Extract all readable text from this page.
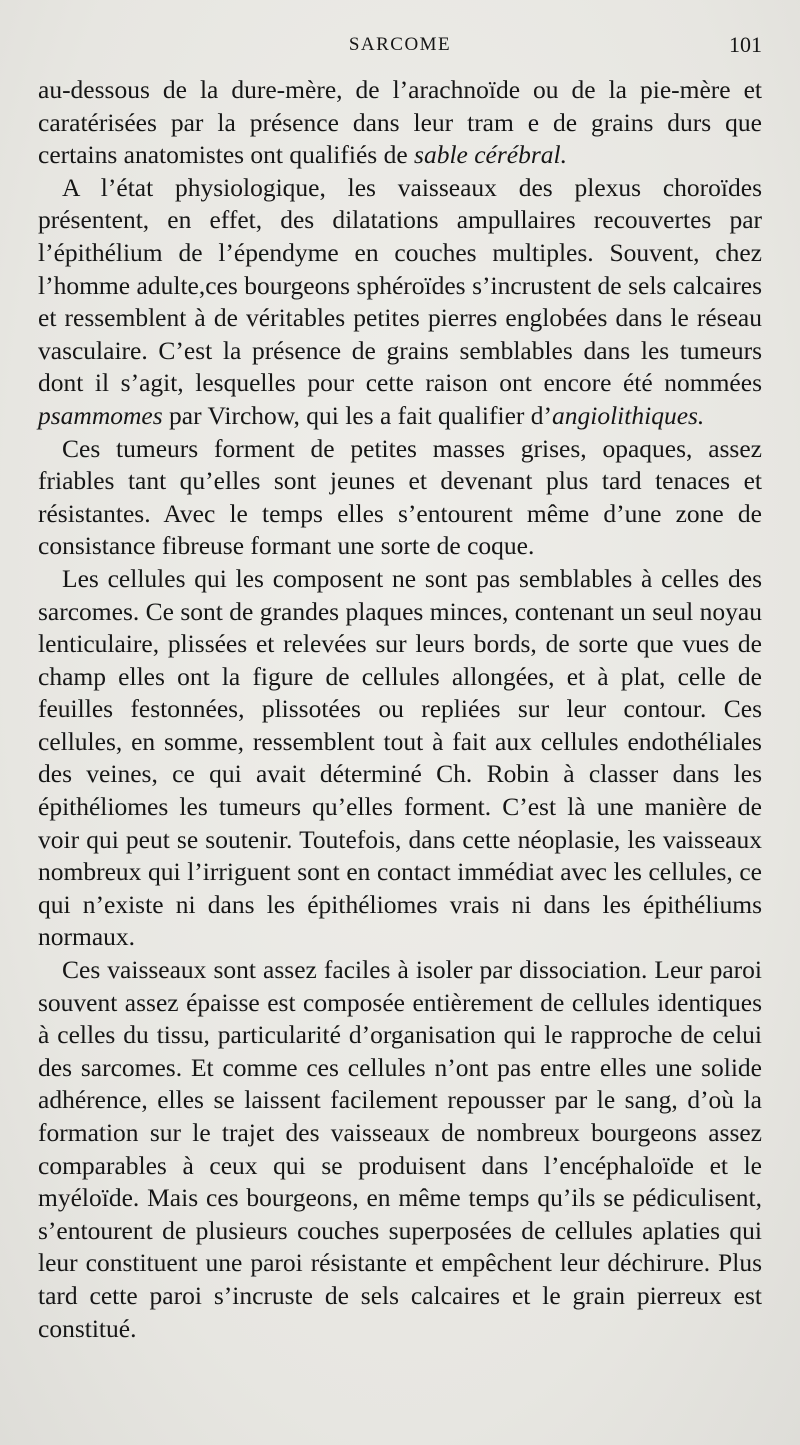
SARCOME	101

au-dessous de la dure-mère, de l’arachnoïde ou de la pie-mère et caratérisées par la présence dans leur tram e de grains durs que certains anatomistes ont qualifiés de sable cérébral.

A l’état physiologique, les vaisseaux des plexus choroïdes présentent, en effet, des dilatations ampullaires recouvertes par l’épithélium de l’épendyme en couches multiples. Souvent, chez l’homme adulte,ces bourgeons sphéroïdes s’incrustent de sels calcaires et ressemblent à de véritables petites pierres englobées dans le réseau vasculaire. C’est la présence de grains semblables dans les tumeurs dont il s’agit, lesquelles pour cette raison ont encore été nommées psammomes par Virchow, qui les a fait qualifier d’angiolithiques.

Ces tumeurs forment de petites masses grises, opaques, assez friables tant qu’elles sont jeunes et devenant plus tard tenaces et résistantes. Avec le temps elles s’entourent même d’une zone de consistance fibreuse formant une sorte de coque.

Les cellules qui les composent ne sont pas semblables à celles des sarcomes. Ce sont de grandes plaques minces, contenant un seul noyau lenticulaire, plissées et relevées sur leurs bords, de sorte que vues de champ elles ont la figure de cellules allongées, et à plat, celle de feuilles festonnées, plissotées ou repliées sur leur contour. Ces cellules, en somme, ressemblent tout à fait aux cellules endothéliales des veines, ce qui avait déterminé Ch. Robin à classer dans les épithéliomes les tumeurs qu’elles forment. C’est là une manière de voir qui peut se soutenir. Toutefois, dans cette néoplasie, les vaisseaux nombreux qui l’irriguent sont en contact immédiat avec les cellules, ce qui n’existe ni dans les épithéliomes vrais ni dans les épithéliums normaux.

Ces vaisseaux sont assez faciles à isoler par dissociation. Leur paroi souvent assez épaisse est composée entièrement de cellules identiques à celles du tissu, particularité d’organisation qui le rapproche de celui des sarcomes. Et comme ces cellules n’ont pas entre elles une solide adhérence, elles se laissent facilement repousser par le sang, d’où la formation sur le trajet des vaisseaux de nombreux bourgeons assez comparables à ceux qui se produisent dans l’encéphaloïde et le myéloïde. Mais ces bourgeons, en même temps qu’ils se pédiculisent, s’entourent de plusieurs couches superposées de cellules aplaties qui leur constituent une paroi résistante et empêchent leur déchirure. Plus tard cette paroi s’incruste de sels calcaires et le grain pierreux est constitué.
